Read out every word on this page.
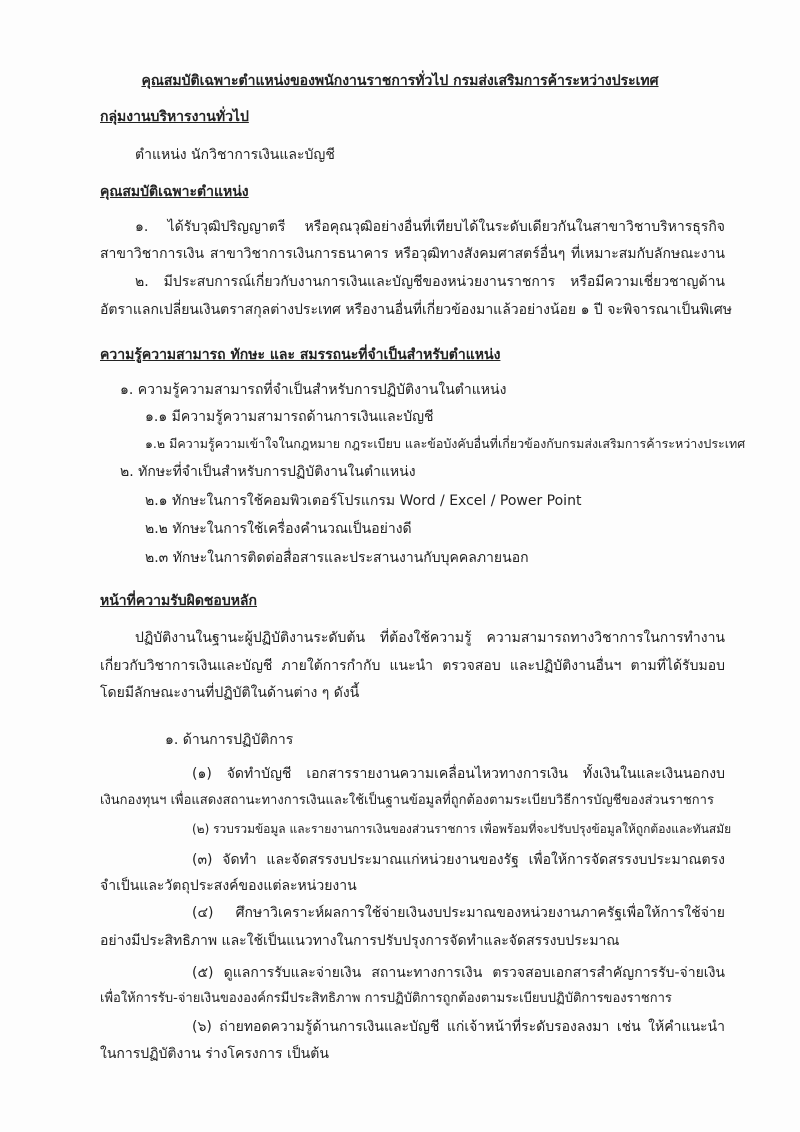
คุณสมบัติเฉพาะตำแหน่งของพนักงานราชการทั่วไป กรมส่งเสริมการค้าระหว่างประเทศ
กลุ่มงานบริหารงานทั่วไป
ตำแหน่ง นักวิชาการเงินและบัญชี
คุณสมบัติเฉพาะตำแหน่ง
๑. ได้รับวุฒิปริญญาตรี หรือคุณวุฒิอย่างอื่นที่เทียบได้ในระดับเดียวกันในสาขาวิชาบริหารธุรกิจ
สาขาวิชาการเงิน สาขาวิชาการเงินการธนาคาร หรือวุฒิทางสังคมศาสตร์อื่นๆ ที่เหมาะสมกับลักษณะงาน
๒. มีประสบการณ์เกี่ยวกับงานการเงินและบัญชีของหน่วยงานราชการ หรือมีความเชี่ยวชาญด้าน
อัตราแลกเปลี่ยนเงินตราสกุลต่างประเทศ หรืองานอื่นที่เกี่ยวข้องมาแล้วอย่างน้อย ๑ ปี จะพิจารณาเป็นพิเศษ
ความรู้ความสามารถ ทักษะ และ สมรรถนะที่จำเป็นสำหรับตำแหน่ง
๑. ความรู้ความสามารถที่จำเป็นสำหรับการปฏิบัติงานในตำแหน่ง
๑.๑ มีความรู้ความสามารถด้านการเงินและบัญชี
๑.๒ มีความรู้ความเข้าใจในกฎหมาย กฎระเบียบ และข้อบังคับอื่นที่เกี่ยวข้องกับกรมส่งเสริมการค้าระหว่างประเทศ
๒. ทักษะที่จำเป็นสำหรับการปฏิบัติงานในตำแหน่ง
๒.๑ ทักษะในการใช้คอมพิวเตอร์โปรแกรม Word / Excel / Power Point
๒.๒ ทักษะในการใช้เครื่องคำนวณเป็นอย่างดี
๒.๓ ทักษะในการติดต่อสื่อสารและประสานงานกับบุคคลภายนอก
หน้าที่ความรับผิดชอบหลัก
ปฏิบัติงานในฐานะผู้ปฏิบัติงานระดับต้น ที่ต้องใช้ความรู้ ความสามารถทางวิชาการในการทำงาน
เกี่ยวกับวิชาการเงินและบัญชี ภายใต้การกำกับ แนะนำ ตรวจสอบ และปฏิบัติงานอื่นฯ ตามที่ได้รับมอบ
โดยมีลักษณะงานที่ปฏิบัติในด้านต่าง ๆ ดังนี้
๑. ด้านการปฏิบัติการ
(๑) จัดทำบัญชี เอกสารรายงานความเคลื่อนไหวทางการเงิน ทั้งเงินในและเงินนอกงบ
เงินกองทุนฯ เพื่อแสดงสถานะทางการเงินและใช้เป็นฐานข้อมูลที่ถูกต้องตามระเบียบวิธีการบัญชีของส่วนราชการ
(๒) รวบรวมข้อมูล และรายงานการเงินของส่วนราชการ เพื่อพร้อมที่จะปรับปรุงข้อมูลให้ถูกต้องและทันสมัย
(๓) จัดทำ และจัดสรรงบประมาณแก่หน่วยงานของรัฐ เพื่อให้การจัดสรรงบประมาณตรง
จำเป็นและวัตถุประสงค์ของแต่ละหน่วยงาน
(๔) ศึกษาวิเคราะห์ผลการใช้จ่ายเงินงบประมาณของหน่วยงานภาครัฐเพื่อให้การใช้จ่าย
อย่างมีประสิทธิภาพ และใช้เป็นแนวทางในการปรับปรุงการจัดทำและจัดสรรงบประมาณ
(๕) ดูแลการรับและจ่ายเงิน สถานะทางการเงิน ตรวจสอบเอกสารสำคัญการรับ-จ่ายเงิน
เพื่อให้การรับ-จ่ายเงินขององค์กรมีประสิทธิภาพ การปฏิบัติการถูกต้องตามระเบียบปฏิบัติการของราชการ
(๖) ถ่ายทอดความรู้ด้านการเงินและบัญชี แก่เจ้าหน้าที่ระดับรองลงมา เช่น ให้คำแนะนำ
ในการปฏิบัติงาน ร่างโครงการ เป็นต้น
